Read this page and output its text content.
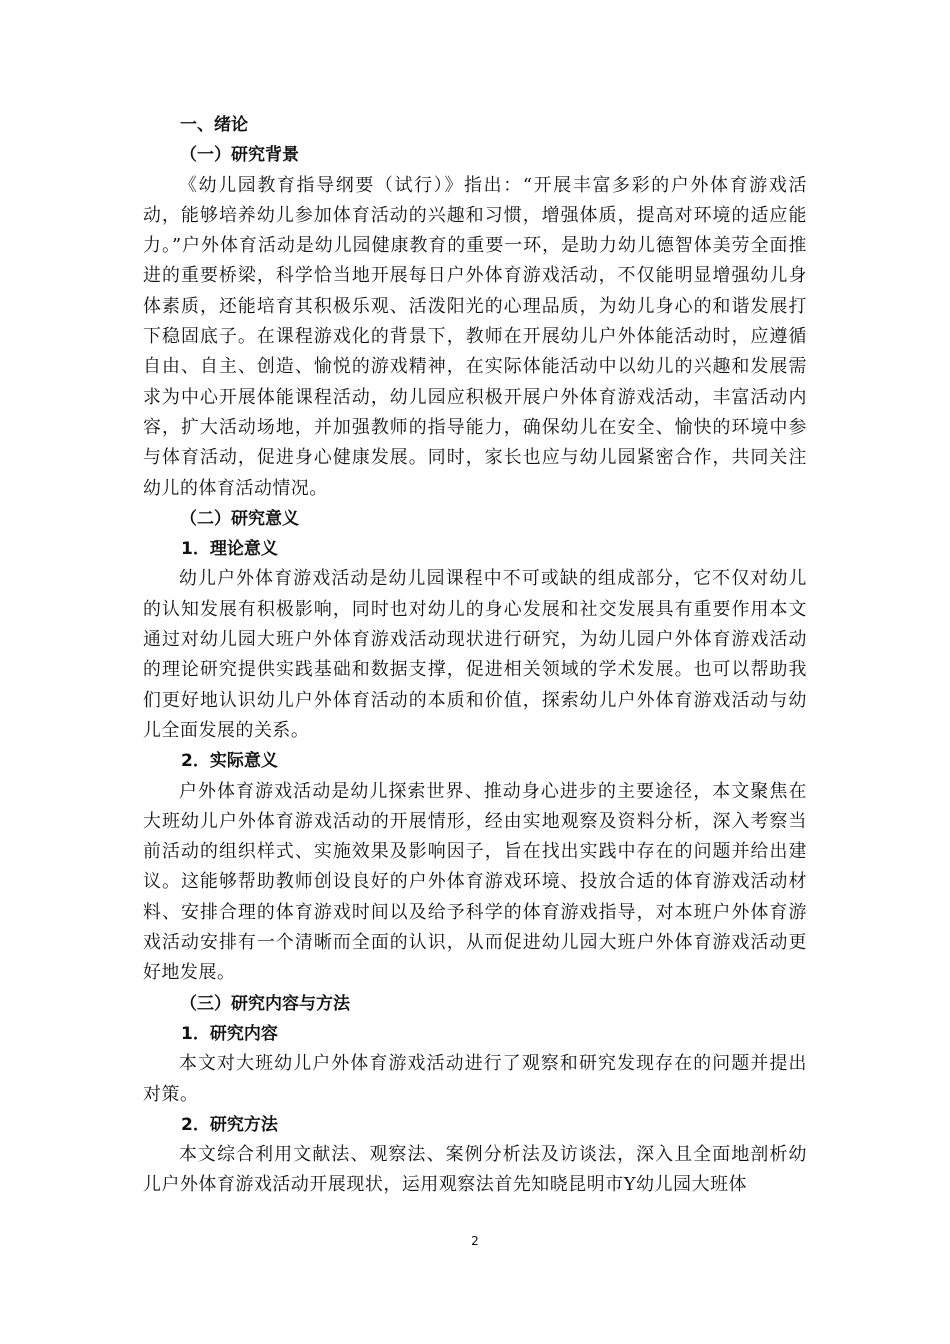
一、绪论

（一）研究背景

《幼儿园教育指导纲要（试行）》指出：“开展丰富多彩的户外体育游戏活动，能够培养幼儿参加体育活动的兴趣和习惯，增强体质，提高对环境的适应能力。”户外体育活动是幼儿园健康教育的重要一环，是助力幼儿德智体美劳全面推进的重要桥梁，科学恰当地开展每日户外体育游戏活动，不仅能明显增强幼儿身体素质，还能培育其积极乐观、活泼阳光的心理品质，为幼儿身心的和谐发展打下稳固底子。在课程游戏化的背景下，教师在开展幼儿户外体能活动时，应遵循自由、自主、创造、愉悦的游戏精神，在实际体能活动中以幼儿的兴趣和发展需求为中心开展体能课程活动，幼儿园应积极开展户外体育游戏活动，丰富活动内容，扩大活动场地，并加强教师的指导能力，确保幼儿在安全、愉快的环境中参与体育活动，促进身心健康发展。同时，家长也应与幼儿园紧密合作，共同关注幼儿的体育活动情况。

（二）研究意义

1．理论意义

幼儿户外体育游戏活动是幼儿园课程中不可或缺的组成部分，它不仅对幼儿的认知发展有积极影响，同时也对幼儿的身心发展和社交发展具有重要作用本文通过对幼儿园大班户外体育游戏活动现状进行研究，为幼儿园户外体育游戏活动的理论研究提供实践基础和数据支撑，促进相关领域的学术发展。也可以帮助我们更好地认识幼儿户外体育活动的本质和价值，探索幼儿户外体育游戏活动与幼儿全面发展的关系。

2．实际意义

户外体育游戏活动是幼儿探索世界、推动身心进步的主要途径，本文聚焦在大班幼儿户外体育游戏活动的开展情形，经由实地观察及资料分析，深入考察当前活动的组织样式、实施效果及影响因子，旨在找出实践中存在的问题并给出建议。这能够帮助教师创设良好的户外体育游戏环境、投放合适的体育游戏活动材料、安排合理的体育游戏时间以及给予科学的体育游戏指导，对本班户外体育游戏活动安排有一个清晰而全面的认识，从而促进幼儿园大班户外体育游戏活动更好地发展。

（三）研究内容与方法

1．研究内容

本文对大班幼儿户外体育游戏活动进行了观察和研究发现存在的问题并提出对策。

2．研究方法

本文综合利用文献法、观察法、案例分析法及访谈法，深入且全面地剖析幼儿户外体育游戏活动开展现状，运用观察法首先知晓昆明市Y幼儿园大班体

2
